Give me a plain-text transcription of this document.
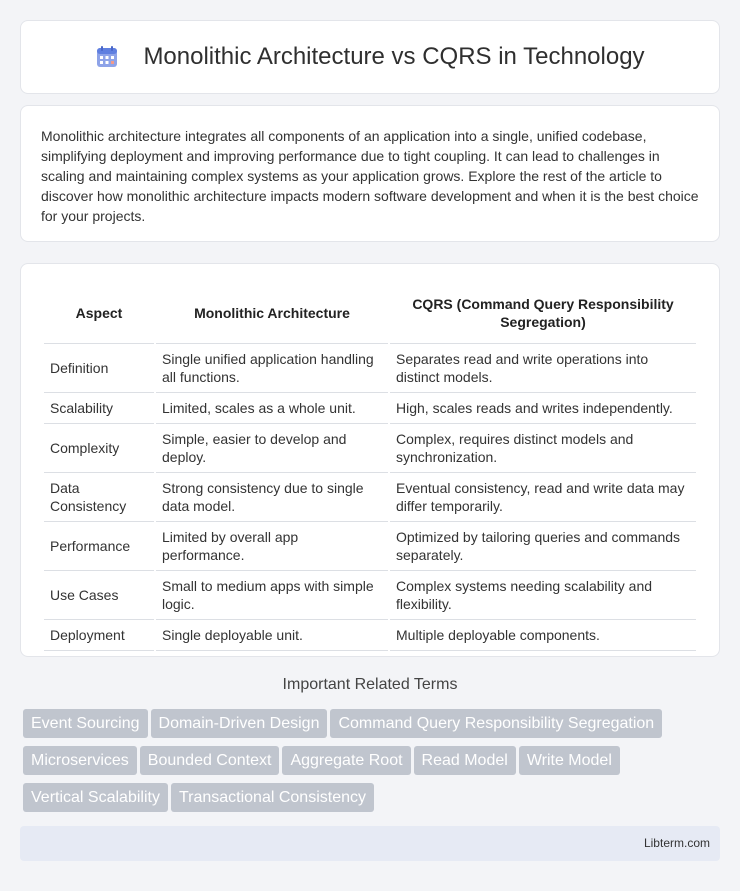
Monolithic Architecture vs CQRS in Technology

Monolithic architecture integrates all components of an application into a single, unified codebase, simplifying deployment and improving performance due to tight coupling. It can lead to challenges in scaling and maintaining complex systems as your application grows. Explore the rest of the article to discover how monolithic architecture impacts modern software development and when it is the best choice for your projects.

Aspect	Monolithic Architecture	CQRS (Command Query Responsibility Segregation)
Definition	Single unified application handling all functions.	Separates read and write operations into distinct models.
Scalability	Limited, scales as a whole unit.	High, scales reads and writes independently.
Complexity	Simple, easier to develop and deploy.	Complex, requires distinct models and synchronization.
Data Consistency	Strong consistency due to single data model.	Eventual consistency, read and write data may differ temporarily.
Performance	Limited by overall app performance.	Optimized by tailoring queries and commands separately.
Use Cases	Small to medium apps with simple logic.	Complex systems needing scalability and flexibility.
Deployment	Single deployable unit.	Multiple deployable components.
Important Related Terms
Event Sourcing Domain-Driven Design Command Query Responsibility Segregation
Microservices Bounded Context Aggregate Root Read Model Write Model
Vertical Scalability Transactional Consistency
Libterm.com
